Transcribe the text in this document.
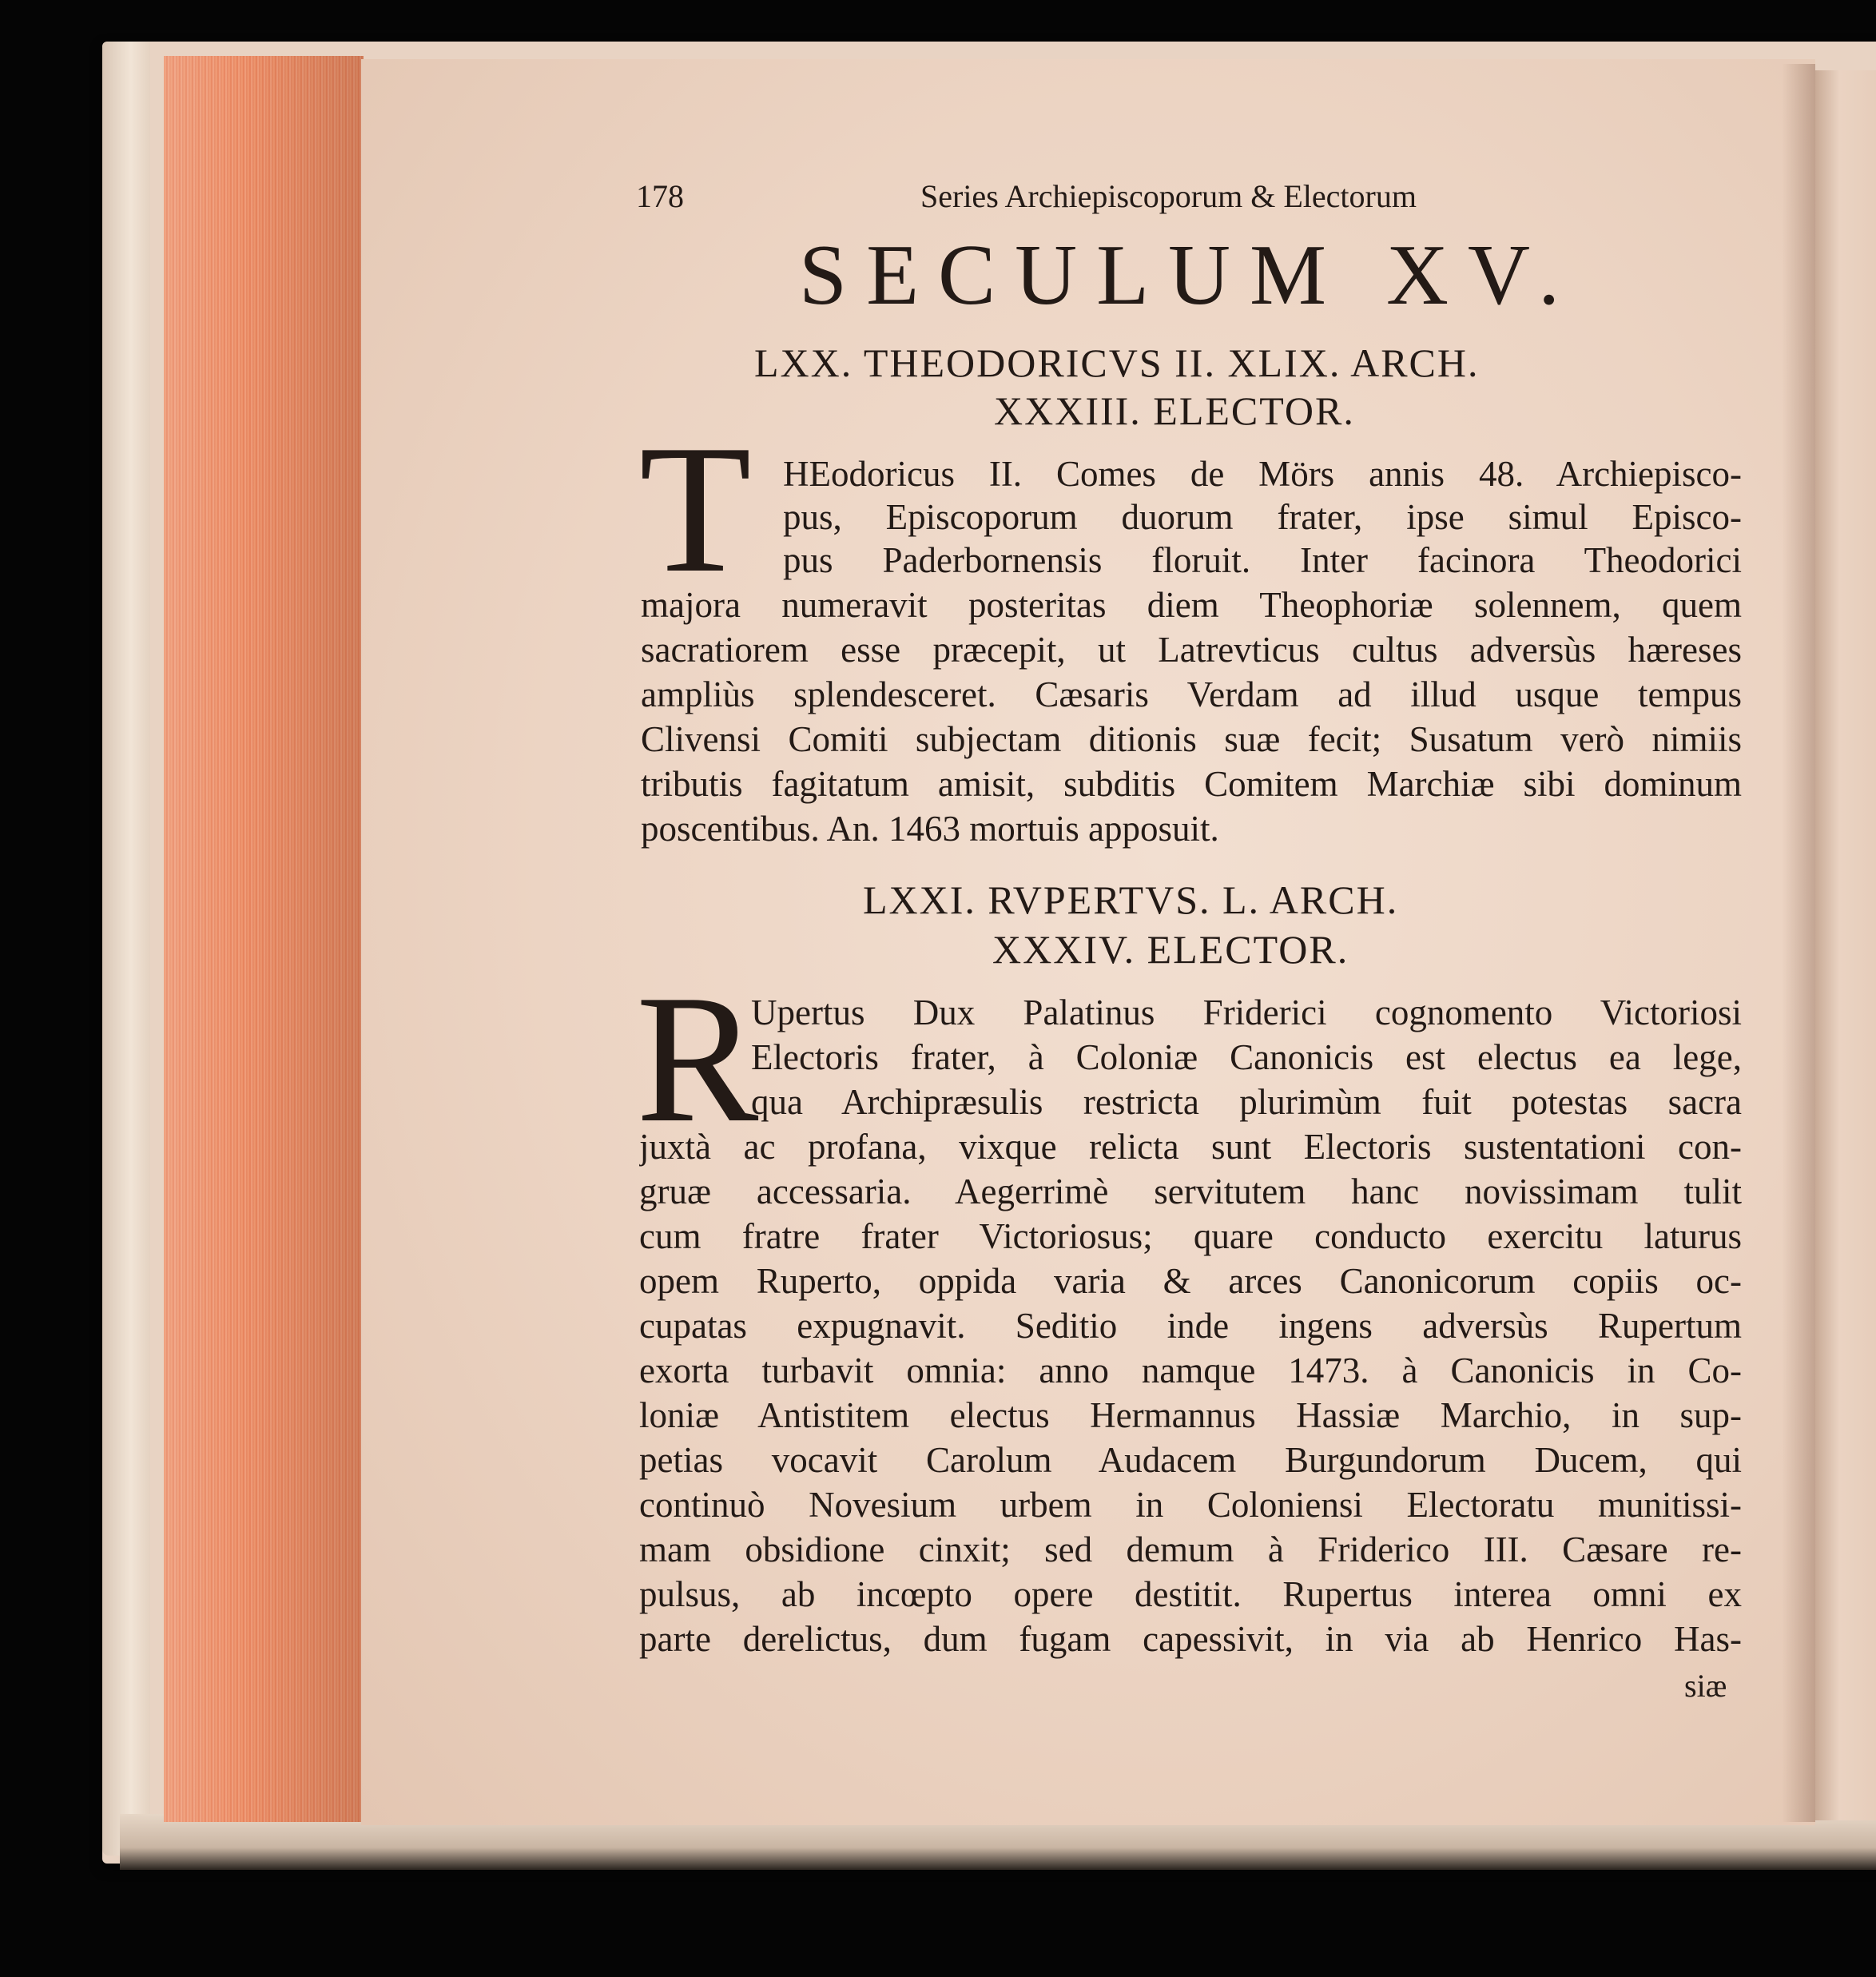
178	Series Archiepiscoporum & Electorum
SECULUM XV.
LXX. THEODORICVS II. XLIX. ARCH.
XXXIII. ELECTOR.
T HEodoricus II. Comes de Mörs annis 48. Archiepisco-
pus, Episcoporum duorum frater, ipse simul Episco-
pus Paderbornensis floruit. Inter facinora Theodorici
majora numeravit posteritas diem Theophoriæ solennem, quem
sacratiorem esse præcepit, ut Latrevticus cultus adversùs hæreses
ampliùs splendesceret. Cæsaris Verdam ad illud usque tempus
Clivensi Comiti subjectam ditionis suæ fecit; Susatum verò nimiis
tributis fagitatum amisit, subditis Comitem Marchiæ sibi dominum
poscentibus. An. 1463 mortuis apposuit.
LXXI. RVPERTVS. L. ARCH.
XXXIV. ELECTOR.
R
Upertus Dux Palatinus Friderici cognomento Victoriosi
Electoris frater, à Coloniæ Canonicis est electus ea lege,
qua Archipræsulis restricta plurimùm fuit potestas sacra
juxtà ac profana, vixque relicta sunt Electoris sustentationi con-
gruæ accessaria. Aegerrimè servitutem hanc novissimam tulit
cum fratre frater Victoriosus; quare conducto exercitu laturus
opem Ruperto, oppida varia & arces Canonicorum copiis oc-
cupatas expugnavit. Seditio inde ingens adversùs Rupertum
exorta turbavit omnia: anno namque 1473. à Canonicis in Co-
loniæ Antistitem electus Hermannus Hassiæ Marchio, in sup-
petias vocavit Carolum Audacem Burgundorum Ducem, qui
continuò Novesium urbem in Coloniensi Electoratu munitissi-
mam obsidione cinxit; sed demum à Friderico III. Cæsare re-
pulsus, ab incœpto opere destitit. Rupertus interea omni ex
parte derelictus, dum fugam capessivit, in via ab Henrico Has-
siæ
